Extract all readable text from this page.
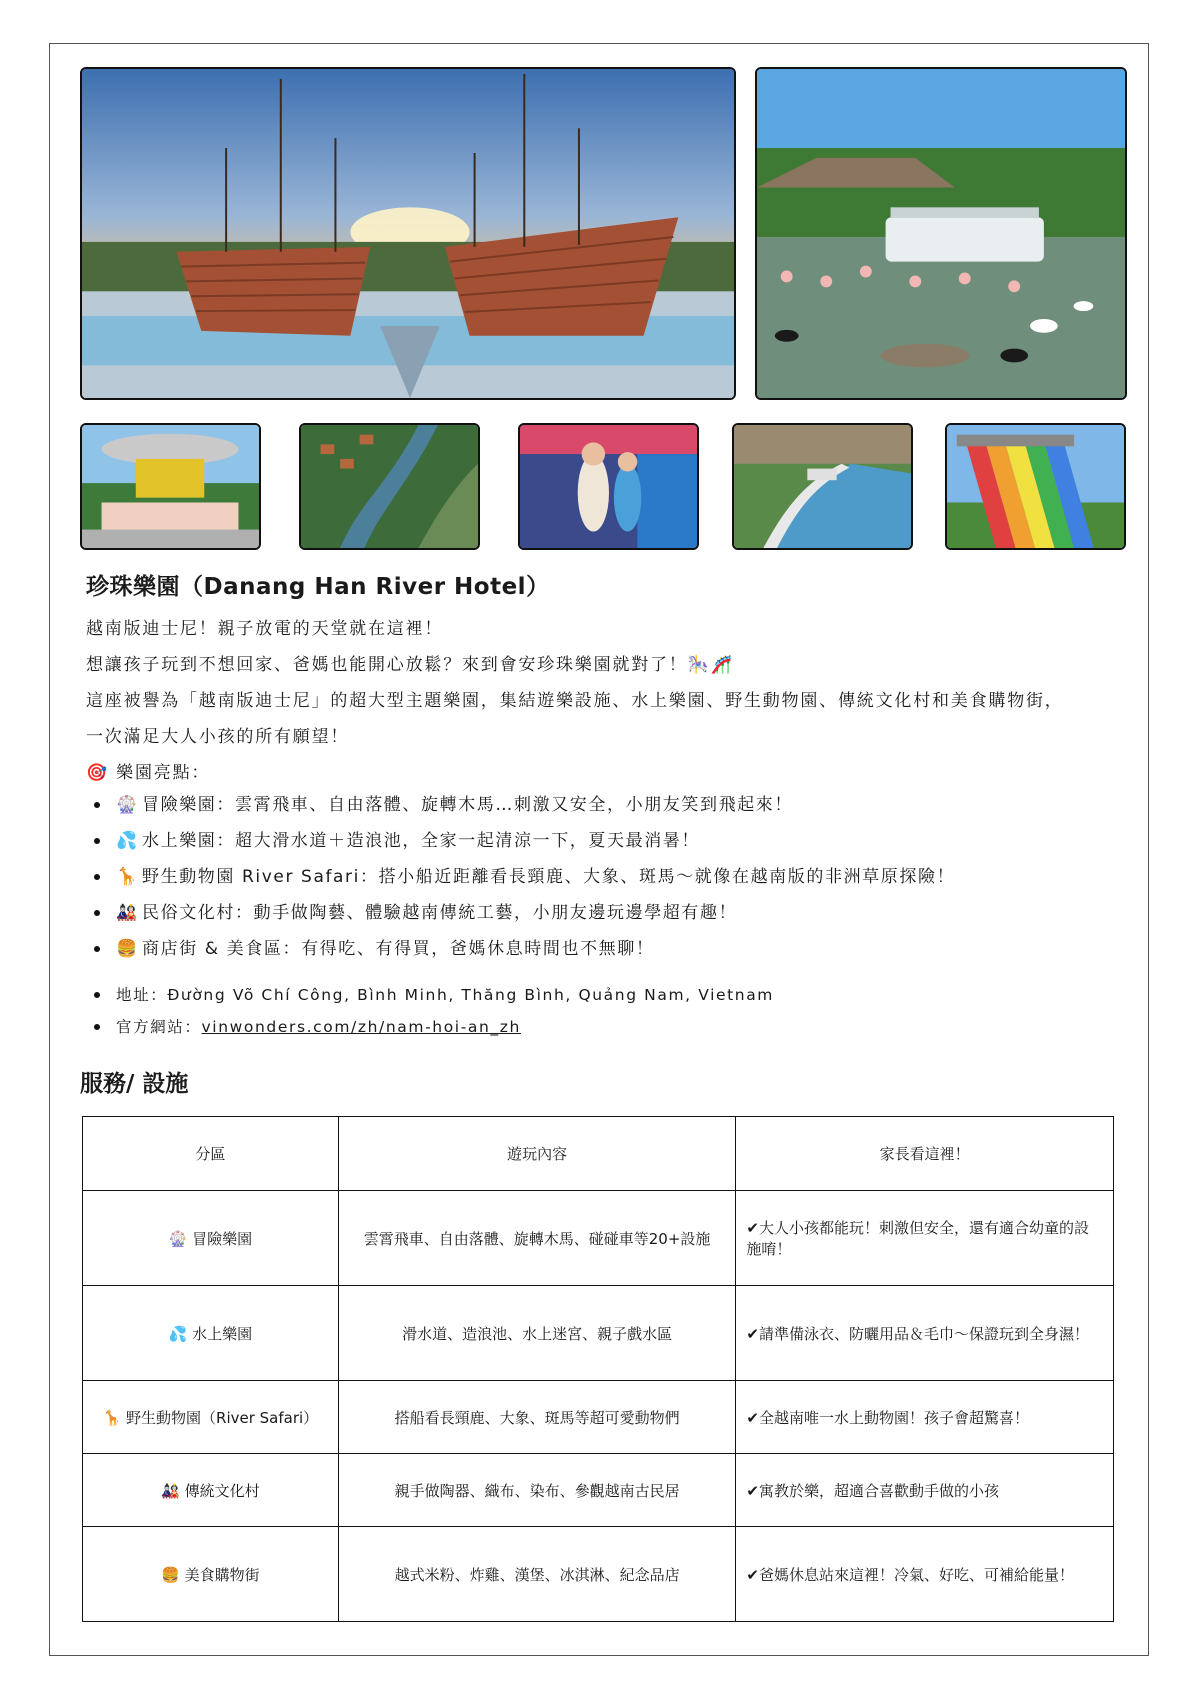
珍珠樂園（Danang Han River Hotel）
越南版迪士尼！親子放電的天堂就在這裡！
想讓孩子玩到不想回家、爸媽也能開心放鬆？來到會安珍珠樂園就對了！🎠🎢
這座被譽為「越南版迪士尼」的超大型主題樂園，集結遊樂設施、水上樂園、野生動物園、傳統文化村和美食購物街，
一次滿足大人小孩的所有願望！
🎯 樂園亮點：
🎡 冒險樂園：雲霄飛車、自由落體、旋轉木馬…刺激又安全，小朋友笑到飛起來！
💦 水上樂園：超大滑水道＋造浪池，全家一起清涼一下，夏天最消暑！
🦒 野生動物園 River Safari：搭小船近距離看長頸鹿、大象、斑馬～就像在越南版的非洲草原探險！
🎎 民俗文化村：動手做陶藝、體驗越南傳統工藝，小朋友邊玩邊學超有趣！
🍔 商店街 & 美食區：有得吃、有得買，爸媽休息時間也不無聊！
地址：Đường Võ Chí Công, Bình Minh, Thăng Bình, Quảng Nam, Vietnam
官方網站：vinwonders.com/zh/nam-hoi-an_zh
服務/ 設施
分區	遊玩內容	家長看這裡！
🎡 冒險樂園	雲霄飛車、自由落體、旋轉木馬、碰碰車等20+設施	✔大人小孩都能玩！刺激但安全，還有適合幼童的設施唷！
💦 水上樂園	滑水道、造浪池、水上迷宮、親子戲水區	✔請準備泳衣、防曬用品＆毛巾～保證玩到全身濕！
🦒 野生動物園（River Safari）	搭船看長頸鹿、大象、斑馬等超可愛動物們	✔全越南唯一水上動物園！孩子會超驚喜！
🎎 傳統文化村	親手做陶器、織布、染布、參觀越南古民居	✔寓教於樂，超適合喜歡動手做的小孩
🍔 美食購物街	越式米粉、炸雞、漢堡、冰淇淋、紀念品店	✔爸媽休息站來這裡！冷氣、好吃、可補給能量！
